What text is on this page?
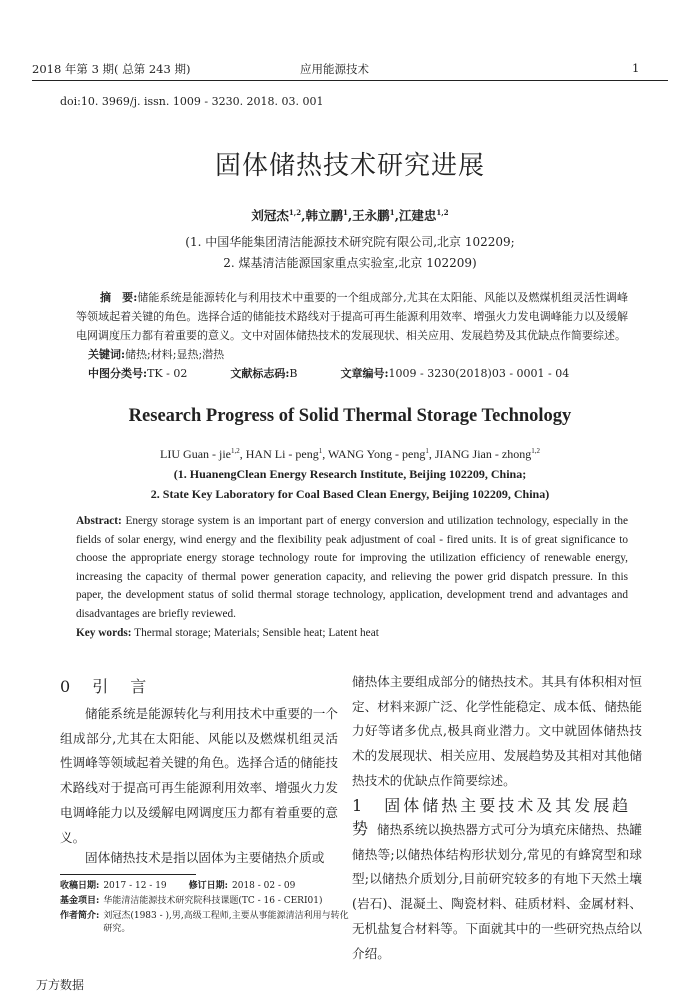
2018 年第 3 期( 总第 243 期)	应用能源技术	1
doi:10. 3969/j. issn. 1009 - 3230. 2018. 03. 001
固体储热技术研究进展
刘冠杰$^{1,2}$,韩立鹏$^1$,王永鹏$^1$,江建忠$^{1,2}$
(1. 中国华能集团清洁能源技术研究院有限公司,北京 102209;
2. 煤基清洁能源国家重点实验室,北京 102209)
摘　要:储能系统是能源转化与利用技术中重要的一个组成部分,尤其在太阳能、风能以及燃煤机组灵活性调峰等领域起着关键的角色。选择合适的储能技术路线对于提高可再生能源利用效率、增强火力发电调峰能力以及缓解电网调度压力都有着重要的意义。文中对固体储热技术的发展现状、相关应用、发展趋势及其优缺点作简要综述。
关键词:储热;材料;显热;潜热
中图分类号:TK - 02	文献标志码:B	文章编号:1009 - 3230(2018)03 - 0001 - 04
Research Progress of Solid Thermal Storage Technology
LIU Guan - jie$^{1,2}$, HAN Li - peng$^1$, WANG Yong - peng$^1$, JIANG Jian - zhong$^{1,2}$
(1. HuanengClean Energy Research Institute, Beijing 102209, China;
2. State Key Laboratory for Coal Based Clean Energy, Beijing 102209, China)
Abstract: Energy storage system is an important part of energy conversion and utilization technology, especially in the fields of solar energy, wind energy and the flexibility peak adjustment of coal - fired units. It is of great significance to choose the appropriate energy storage technology route for improving the utilization efficiency of renewable energy, increasing the capacity of thermal power generation capacity, and relieving the power grid dispatch pressure. In this paper, the development status of solid thermal storage technology, application, development trend and advantages and disadvantages are briefly reviewed.
Key words: Thermal storage; Materials; Sensible heat; Latent heat
0 引　言
储能系统是能源转化与利用技术中重要的一个组成部分,尤其在太阳能、风能以及燃煤机组灵活性调峰等领域起着关键的角色。选择合适的储能技术路线对于提高可再生能源利用效率、增强火力发电调峰能力以及缓解电网调度压力都有着重要的意义。
固体储热技术是指以固体为主要储热介质或
收稿日期: 2017 - 12 - 19 修订日期: 2018 - 02 - 09
基金项目: 华能清洁能源技术研究院科技课题(TC - 16 - CERI01)
作者简介: 刘冠杰(1983 - ),男,高级工程师,主要从事能源清洁利用与转化研究。
储热体主要组成部分的储热技术。其具有体积相对恒定、材料来源广泛、化学性能稳定、成本低、储热能力好等诸多优点,极具商业潜力。文中就固体储热技术的发展现状、相关应用、发展趋势及其相对其他储热技术的优缺点作简要综述。
1 固体储热主要技术及其发展趋势 储热系统以换热器方式可分为填充床储热、热罐储热等;以储热体结构形状划分,常见的有蜂窝型和球型;以储热介质划分,目前研究较多的有地下天然土壤(岩石)、混凝土、陶瓷材料、硅质材料、金属材料、无机盐复合材料等。下面就其中的一些研究热点给以介绍。
万方数据
